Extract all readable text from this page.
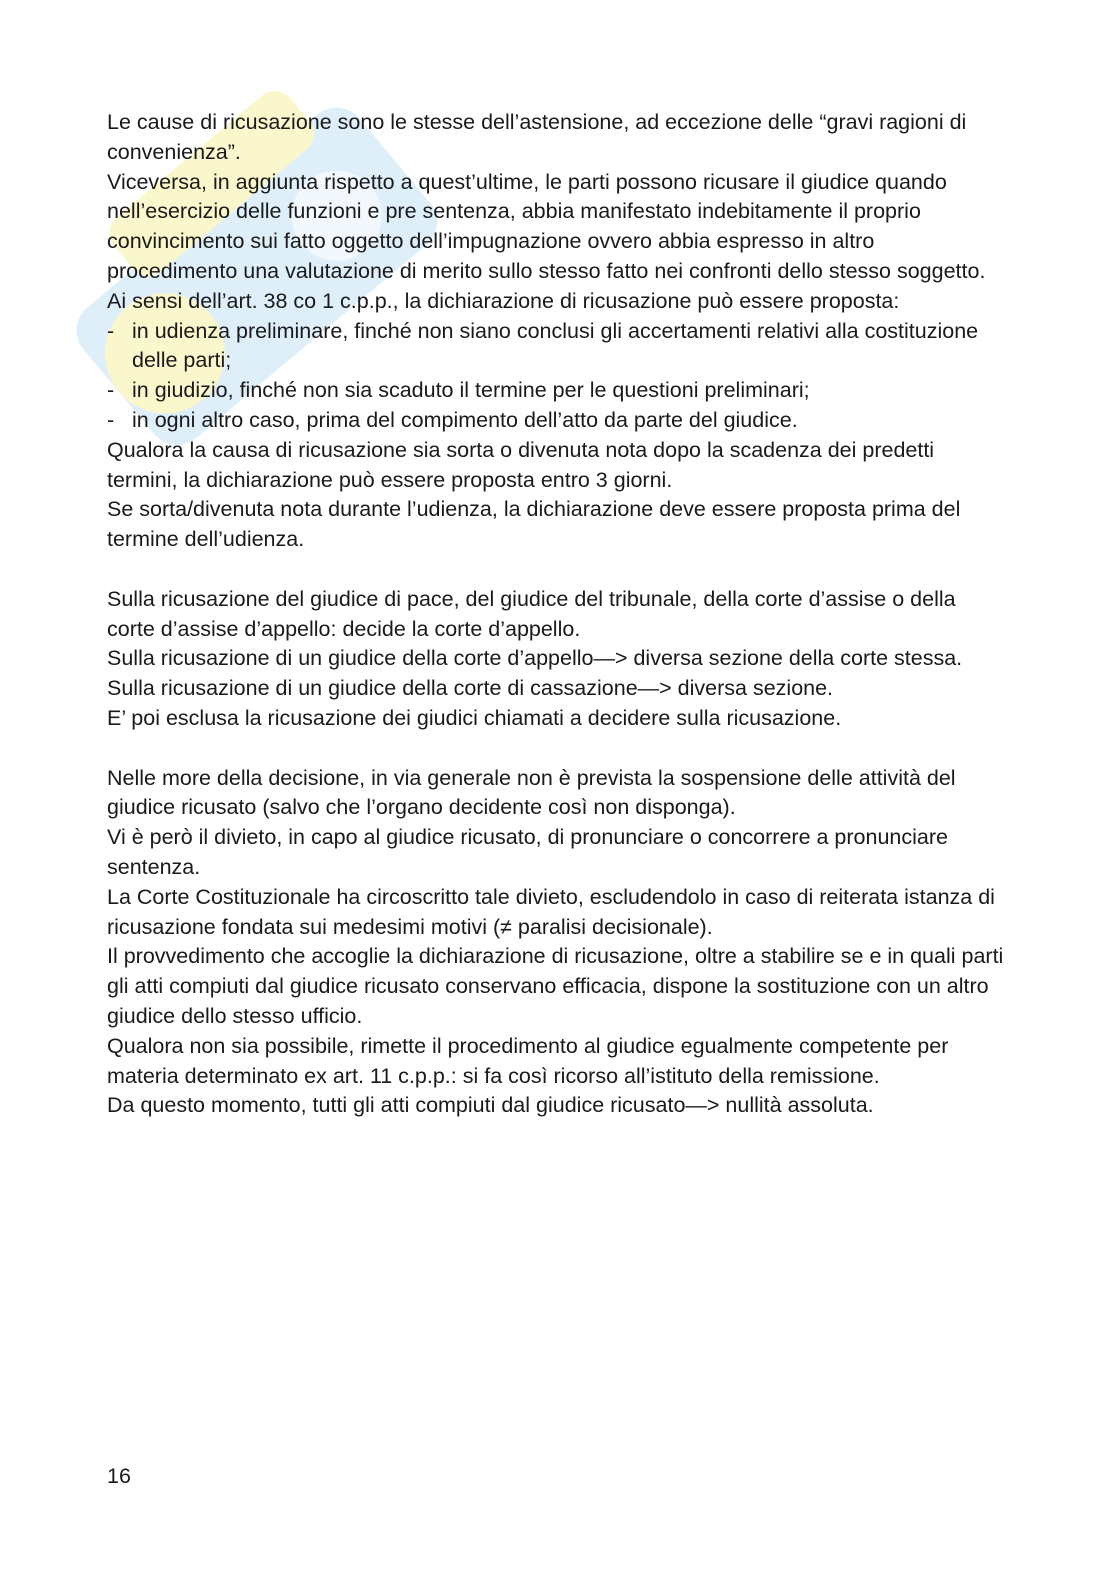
Le cause di ricusazione sono le stesse dell’astensione, ad eccezione delle “gravi ragioni di convenienza”.

Viceversa, in aggiunta rispetto a quest’ultime, le parti possono ricusare il giudice quando nell’esercizio delle funzioni e pre sentenza, abbia manifestato indebitamente il proprio convincimento sui fatto oggetto dell’impugnazione ovvero abbia espresso in altro procedimento una valutazione di merito sullo stesso fatto nei confronti dello stesso soggetto.

Ai sensi dell’art. 38 co 1 c.p.p., la dichiarazione di ricusazione può essere proposta:

- in udienza preliminare, finché non siano conclusi gli accertamenti relativi alla costituzione delle parti;
- in giudizio, finché non sia scaduto il termine per le questioni preliminari;
- in ogni altro caso, prima del compimento dell’atto da parte del giudice.

Qualora la causa di ricusazione sia sorta o divenuta nota dopo la scadenza dei predetti termini, la dichiarazione può essere proposta entro 3 giorni.

Se sorta/divenuta nota durante l’udienza, la dichiarazione deve essere proposta prima del termine dell’udienza.

Sulla ricusazione del giudice di pace, del giudice del tribunale, della corte d’assise o della corte d’assise d’appello: decide la corte d’appello.

Sulla ricusazione di un giudice della corte d’appello—> diversa sezione della corte stessa.

Sulla ricusazione di un giudice della corte di cassazione—> diversa sezione.

E’ poi esclusa la ricusazione dei giudici chiamati a decidere sulla ricusazione.

Nelle more della decisione, in via generale non è prevista la sospensione delle attività del giudice ricusato (salvo che l’organo decidente così non disponga).

Vi è però il divieto, in capo al giudice ricusato, di pronunciare o concorrere a pronunciare sentenza.

La Corte Costituzionale ha circoscritto tale divieto, escludendolo in caso di reiterata istanza di ricusazione fondata sui medesimi motivi (≠ paralisi decisionale).

Il provvedimento che accoglie la dichiarazione di ricusazione, oltre a stabilire se e in quali parti gli atti compiuti dal giudice ricusato conservano efficacia, dispone la sostituzione con un altro giudice dello stesso ufficio.

Qualora non sia possibile, rimette il procedimento al giudice egualmente competente per materia determinato ex art. 11 c.p.p.: si fa così ricorso all’istituto della remissione.

Da questo momento, tutti gli atti compiuti dal giudice ricusato—> nullità assoluta.

16
